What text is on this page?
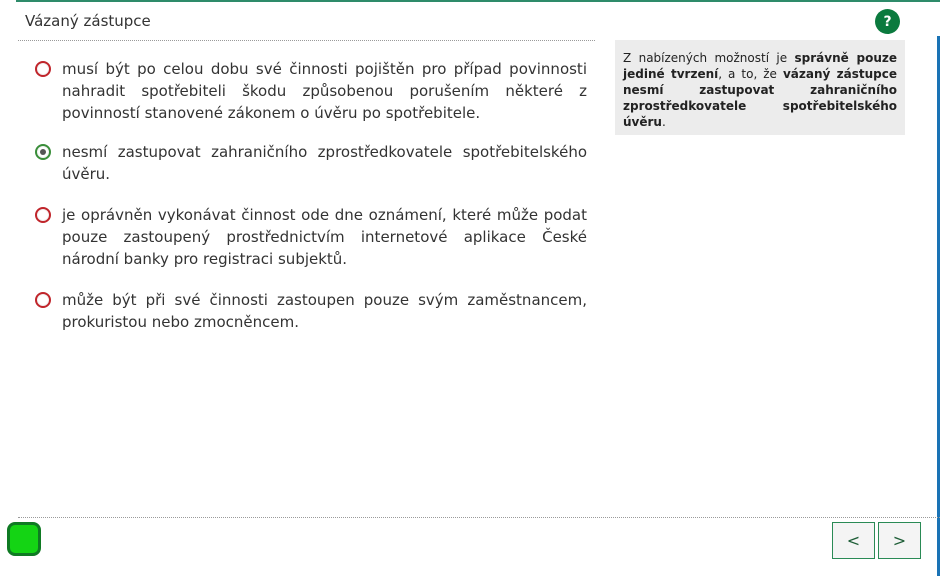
Vázaný zástupce	?
musí být po celou dobu své činnosti pojištěn pro případ povinnosti nahradit spotřebiteli škodu způsobenou porušením některé z povinností stanovené zákonem o úvěru po spotřebitele.
nesmí zastupovat zahraničního zprostředkovatele spotřebitelského úvěru.
je oprávněn vykonávat činnost ode dne oznámení, které může podat pouze zastoupený prostřednictvím internetové aplikace České národní banky pro registraci subjektů.
může být při své činnosti zastoupen pouze svým zaměstnancem, prokuristou nebo zmocněncem.
Z nabízených možností je správně pouze jediné tvrzení, a to, že vázaný zástupce nesmí zastupovat zahraničního zprostředkovatele spotřebitelského úvěru.
<	>
